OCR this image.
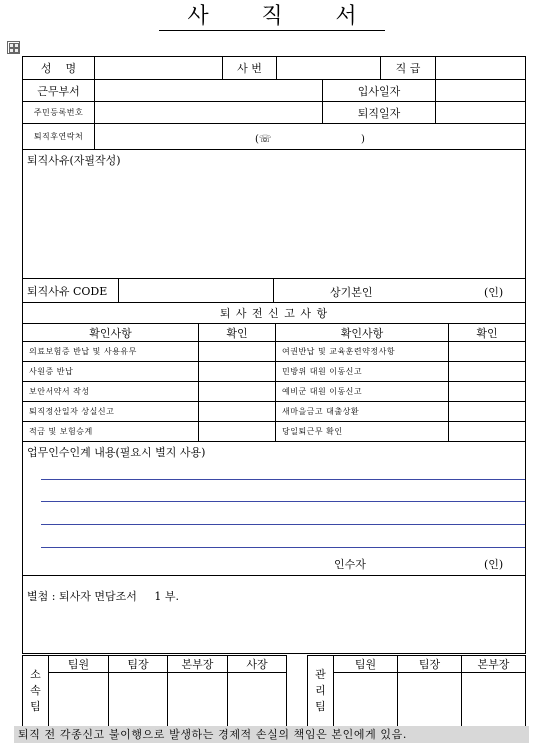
사 직 서
성    명		사 번			직 급	
근무부서				입사일자		
주민등록번호				퇴직일자		
퇴직후연락처	(☏ )					
퇴직사유(자필작성)
퇴직사유 CODE		상기본인	(인)
퇴 사 전 신 고 사 항			
확인사항	확인	확인사항	확인
의료보험증 반납 및 사용유무		여권반납 및 교육훈련약정사항	
사원증 반납		민방위 대원 이동신고	
보안서약서 작성		예비군 대원 이동신고	
퇴직정산일자 상실신고		새마을금고 대출상환	
적금 및 보험승계		당일퇴근무 확인	
업무인수인계 내용(필요시 별지 사용)
인수자	(인)

별첨 : 퇴사자 면담조서 1 부.
소
속
팀	팀원	팀장	본부장	사장

관
리
팀	팀원	팀장	본부장

퇴직 전 각종신고 불이행으로 발생하는 경제적 손실의 책임은 본인에게 있음.
